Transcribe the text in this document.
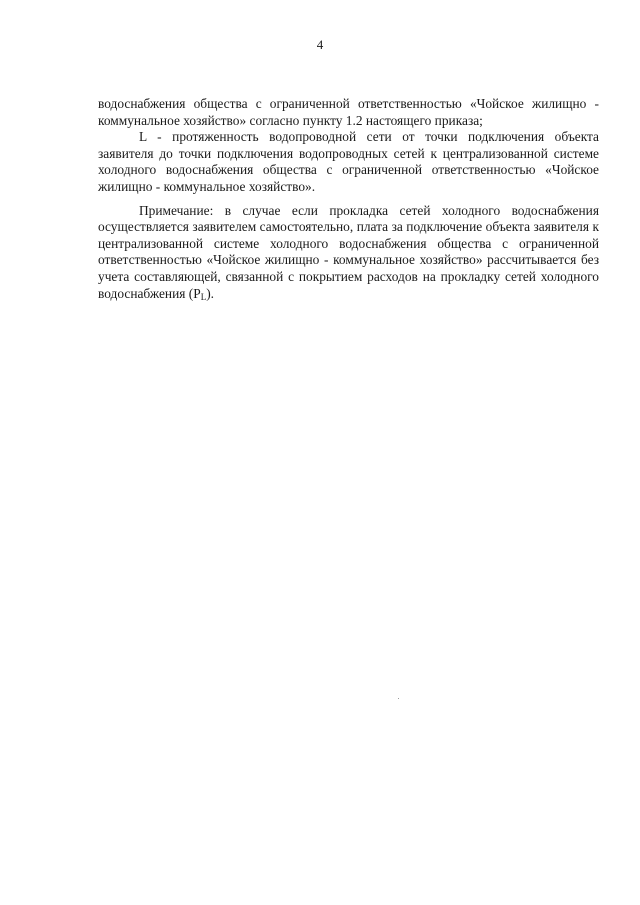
4

водоснабжения общества с ограниченной ответственностью «Чойское жилищно - коммунальное хозяйство» согласно пункту 1.2 настоящего приказа;

L - протяженность водопроводной сети от точки подключения объекта заявителя до точки подключения водопроводных сетей к централизованной системе холодного водоснабжения общества с ограниченной ответственностью «Чойское жилищно - коммунальное хозяйство».

Примечание: в случае если прокладка сетей холодного водоснабжения осуществляется заявителем самостоятельно, плата за подключение объекта заявителя к централизованной системе холодного водоснабжения общества с ограниченной ответственностью «Чойское жилищно - коммунальное хозяйство» рассчитывается без учета составляющей, связанной с покрытием расходов на прокладку сетей холодного водоснабжения $(P_L)$.
